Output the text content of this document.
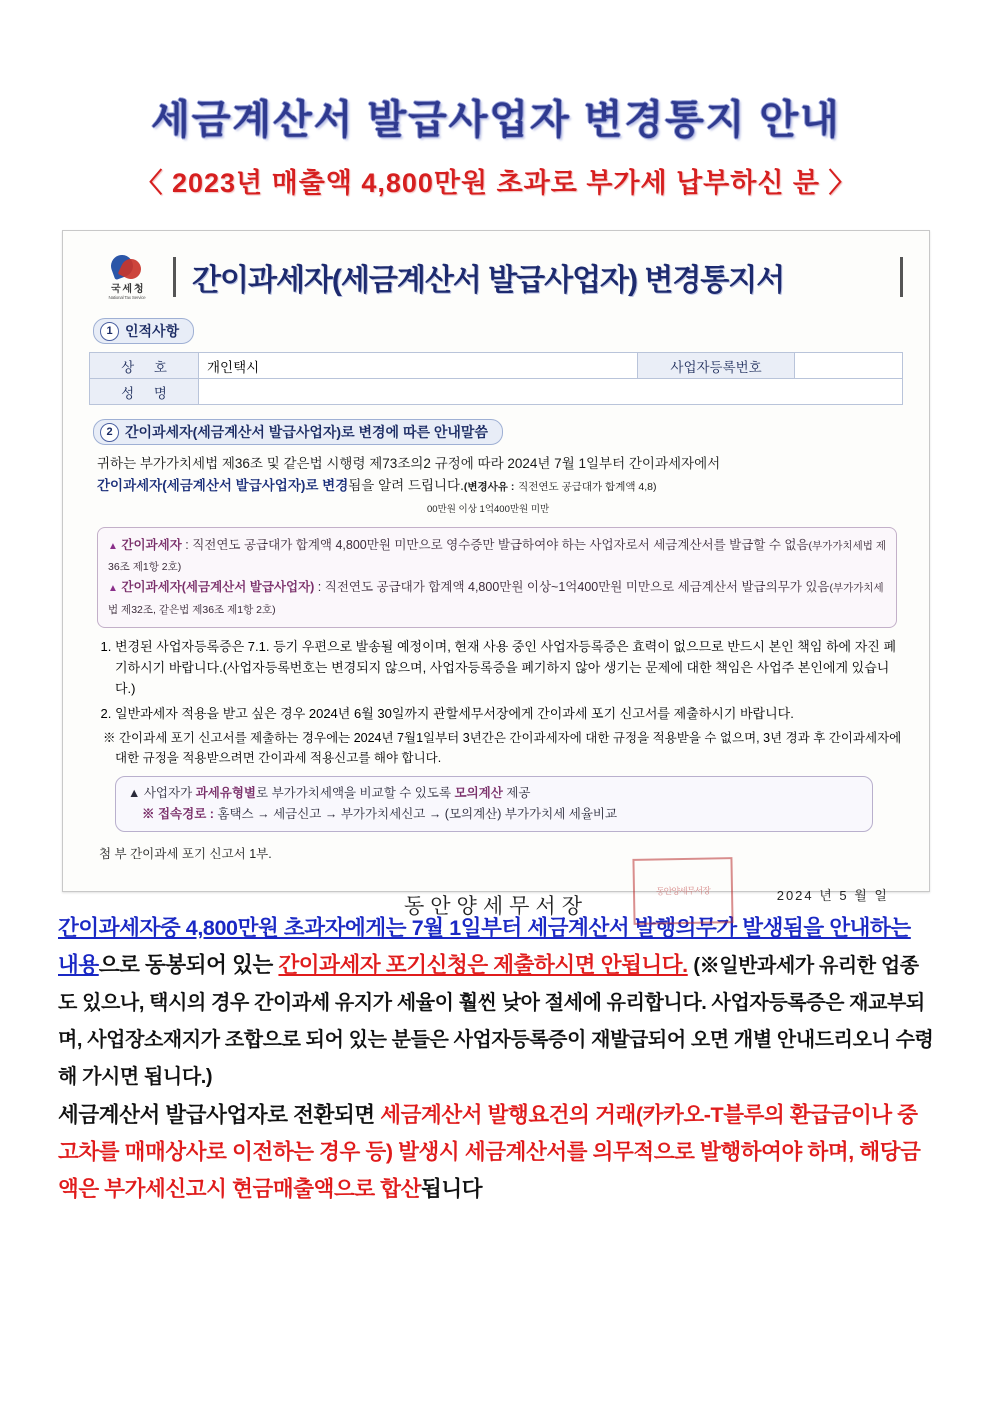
세금계산서 발급사업자 변경통지 안내
〈 2023년 매출액 4,800만원 초과로 부가세 납부하신 분 〉
국 세 청
National Tax Service
간이과세자(세금계산서 발급사업자) 변경통지서
1 인적사항
상 호	개인택시	사업자등록번호	
성 명			
2 간이과세자(세금계산서 발급사업자)로 변경에 따른 안내말씀
귀하는 부가가치세법 제36조 및 같은법 시행령 제73조의2 규정에 따라 2024년 7월 1일부터 간이과세자에서
간이과세자(세금계산서 발급사업자)로 변경됨을 알려 드립니다.(변경사유 : 직전연도 공급대가 합계액 4,8)
00만원 이상 1억400만원 미만
▲ 간이과세자 : 직전연도 공급대가 합계액 4,800만원 미만으로 영수증만 발급하여야 하는 사업자로서 세금계산서를 발급할 수 없음(부가가치세법 제 36조 제1항 2호)
▲ 간이과세자(세금계산서 발급사업자) : 직전연도 공급대가 합계액 4,800만원 이상~1억400만원 미만으로 세금계산서 발급의무가 있음(부가가치세법 제32조, 같은법 제36조 제1항 2호)
1. 변경된 사업자등록증은 7.1. 등기 우편으로 발송될 예정이며, 현재 사용 중인 사업자등록증은 효력이 없으므로 반드시 본인 책임 하에 자진 폐기하시기 바랍니다.(사업자등록번호는 변경되지 않으며, 사업자등록증을 폐기하지 않아 생기는 문제에 대한 책임은 사업주 본인에게 있습니다.)
2. 일반과세자 적용을 받고 싶은 경우 2024년 6월 30일까지 관할세무서장에게 간이과세 포기 신고서를 제출하시기 바랍니다.
※ 간이과세 포기 신고서를 제출하는 경우에는 2024년 7월1일부터 3년간은 간이과세자에 대한 규정을 적용받을 수 없으며, 3년 경과 후 간이과세자에 대한 규정을 적용받으려면 간이과세 적용신고를 해야 합니다.
▲ 사업자가 과세유형별로 부가가치세액을 비교할 수 있도록 모의계산 제공
※ 접속경로 : 홈택스 → 세금신고 → 부가가치세신고 → (모의계산) 부가가치세 세율비교
첨 부 간이과세 포기 신고서 1부.
동안양세무서장
동안양세무서장	2024 년 5 월 일

간이과세자중 4,800만원 초과자에게는 7월 1일부터 세금계산서 발행의무가 발생됨을 안내하는 내용으로 동봉되어 있는 간이과세자 포기신청은 제출하시면 안됩니다. (※일반과세가 유리한 업종도 있으나, 택시의 경우 간이과세 유지가 세율이 훨씬 낮아 절세에 유리합니다. 사업자등록증은 재교부되며, 사업장소재지가 조합으로 되어 있는 분들은 사업자등록증이 재발급되어 오면 개별 안내드리오니 수령해 가시면 됩니다.)

세금계산서 발급사업자로 전환되면 세금계산서 발행요건의 거래(카카오-T블루의 환급금이나 중고차를 매매상사로 이전하는 경우 등) 발생시 세금계산서를 의무적으로 발행하여야 하며, 해당금액은 부가세신고시 현금매출액으로 합산됩니다
